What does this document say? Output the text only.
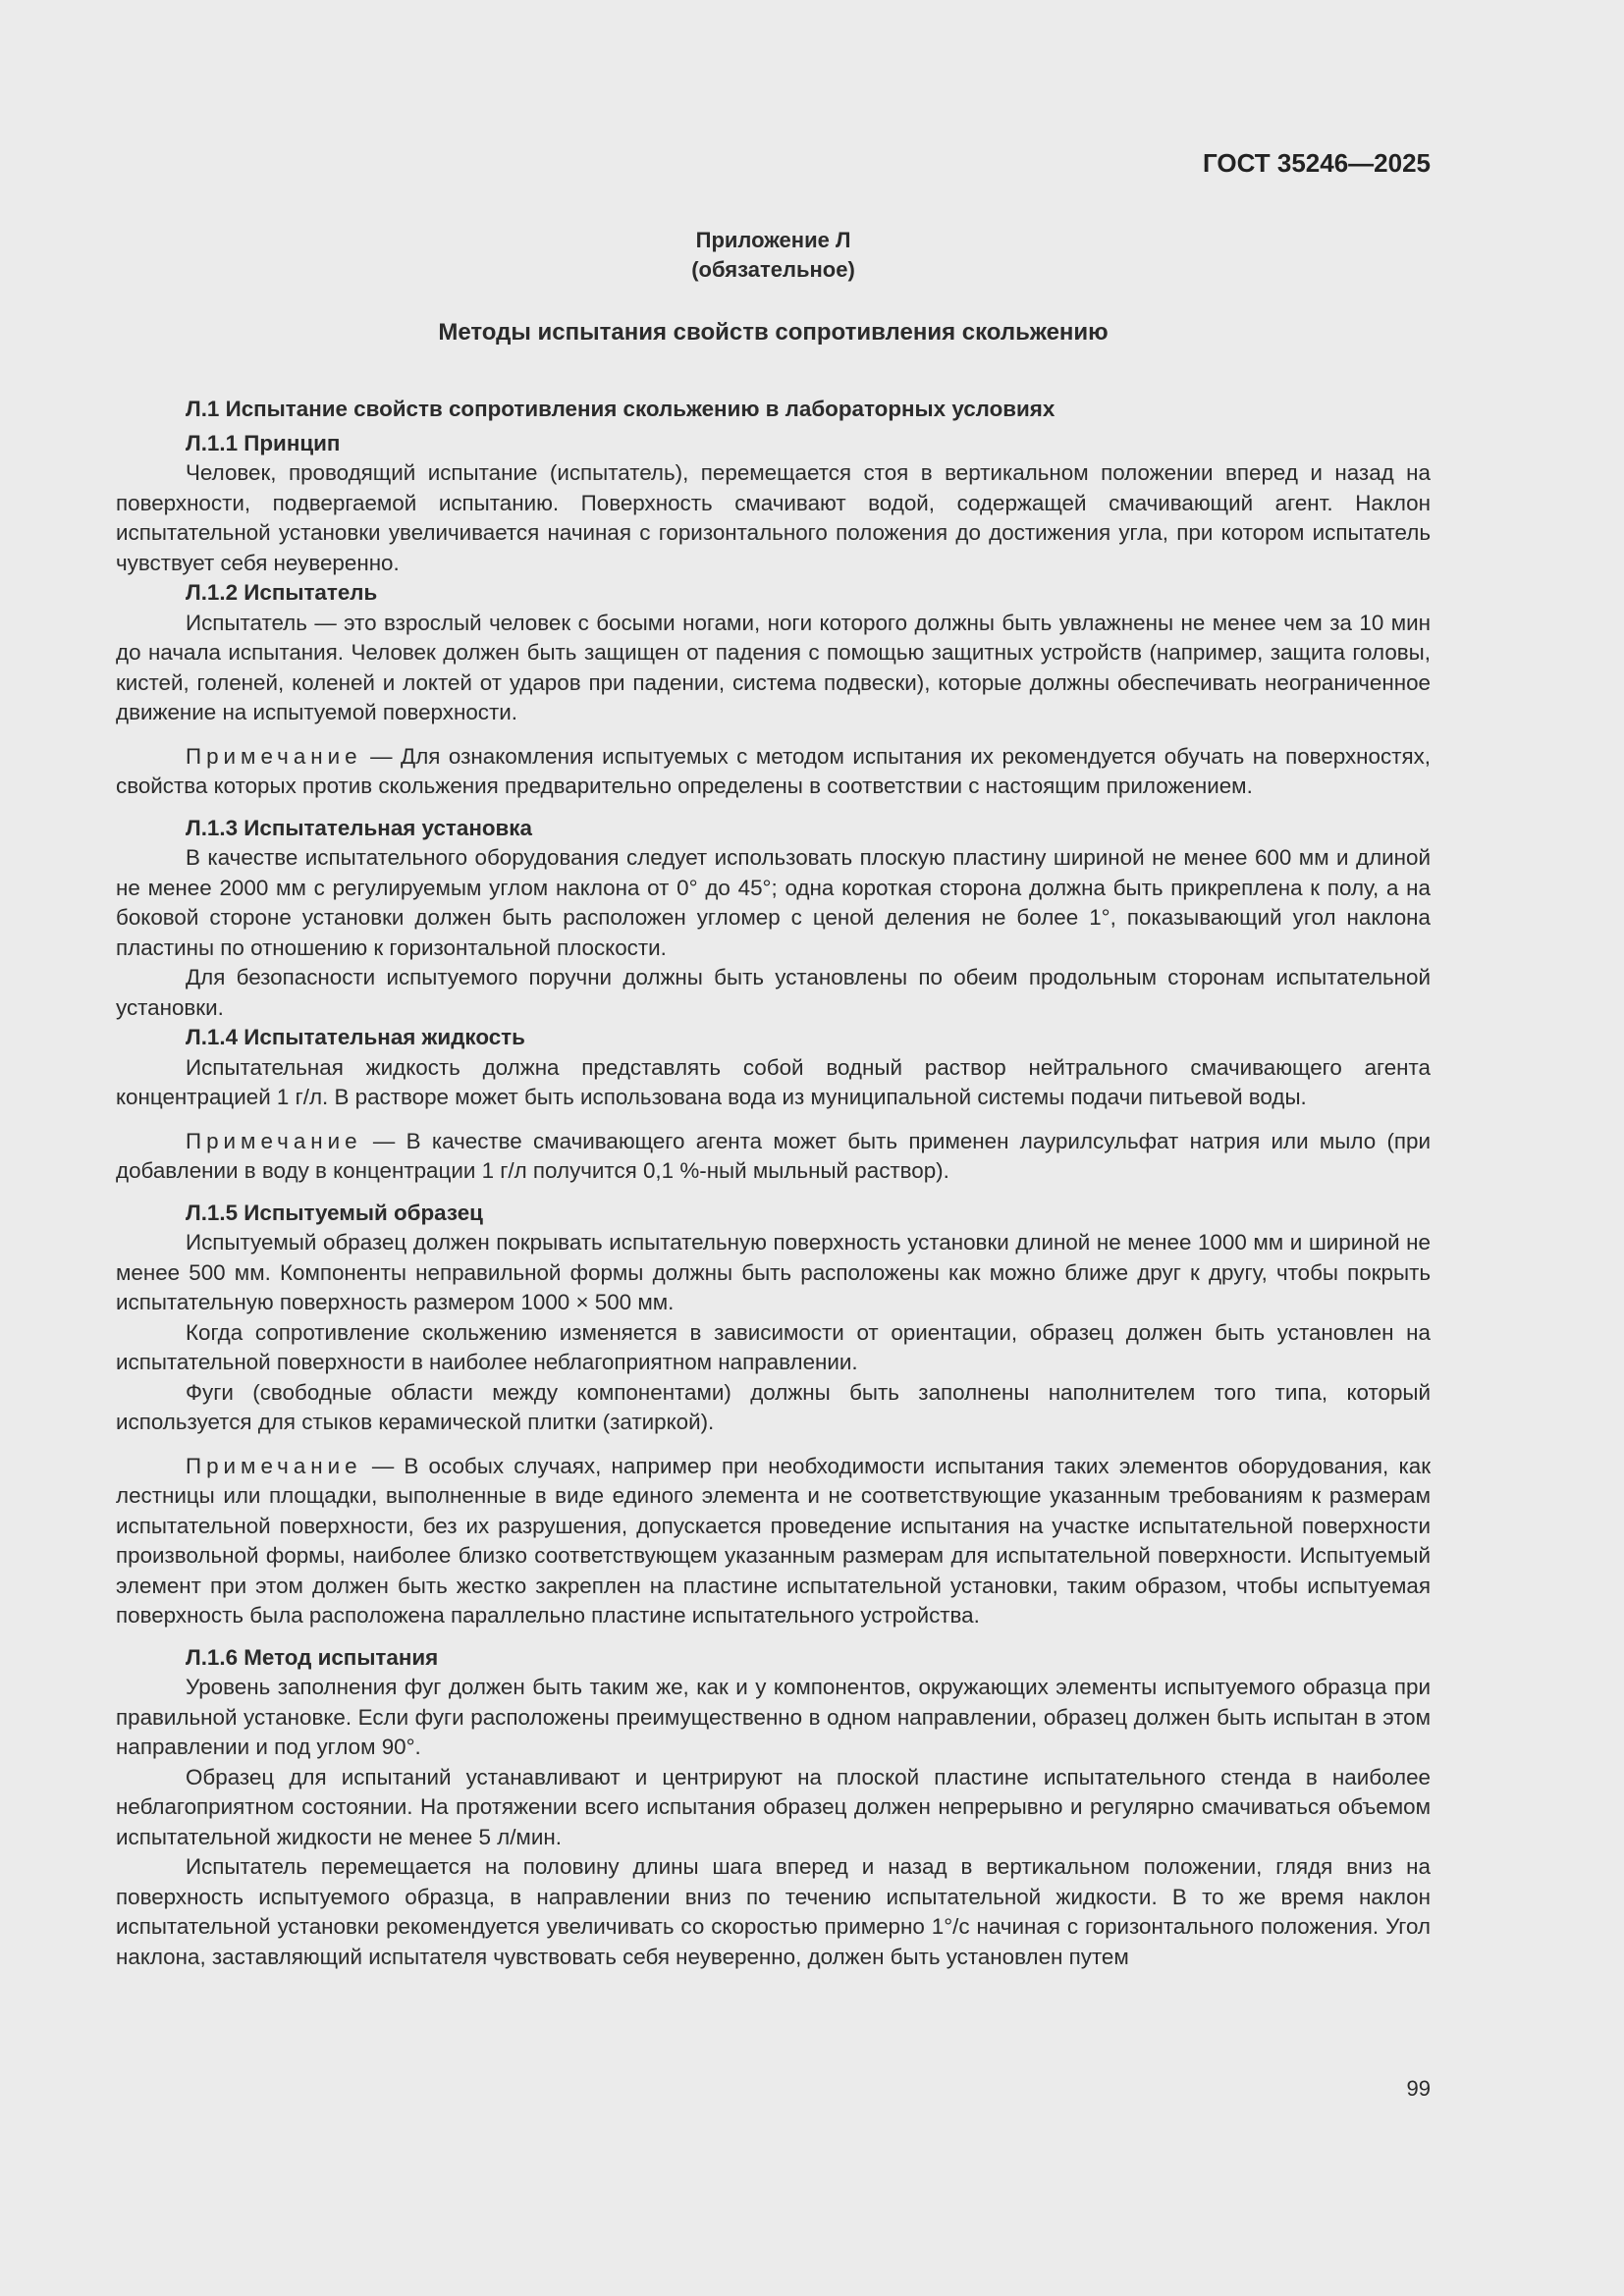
ГОСТ 35246—2025
Приложение Л
(обязательное)
Методы испытания свойств сопротивления скольжению

Л.1 Испытание свойств сопротивления скольжению в лабораторных условиях

Л.1.1 Принцип

Человек, проводящий испытание (испытатель), перемещается стоя в вертикальном положении вперед и назад на поверхности, подвергаемой испытанию. Поверхность смачивают водой, содержащей смачивающий агент. Наклон испытательной установки увеличивается начиная с горизонтального положения до достижения угла, при котором испытатель чувствует себя неуверенно.

Л.1.2 Испытатель

Испытатель — это взрослый человек с босыми ногами, ноги которого должны быть увлажнены не менее чем за 10 мин до начала испытания. Человек должен быть защищен от падения с помощью защитных устройств (например, защита головы, кистей, голеней, коленей и локтей от ударов при падении, система подвески), которые должны обеспечивать неограниченное движение на испытуемой поверхности.

Примечание — Для ознакомления испытуемых с методом испытания их рекомендуется обучать на поверхностях, свойства которых против скольжения предварительно определены в соответствии с настоящим приложением.

Л.1.3 Испытательная установка

В качестве испытательного оборудования следует использовать плоскую пластину шириной не менее 600 мм и длиной не менее 2000 мм с регулируемым углом наклона от 0° до 45°; одна короткая сторона должна быть прикреплена к полу, а на боковой стороне установки должен быть расположен угломер с ценой деления не более 1°, показывающий угол наклона пластины по отношению к горизонтальной плоскости.

Для безопасности испытуемого поручни должны быть установлены по обеим продольным сторонам испытательной установки.

Л.1.4 Испытательная жидкость

Испытательная жидкость должна представлять собой водный раствор нейтрального смачивающего агента концентрацией 1 г/л. В растворе может быть использована вода из муниципальной системы подачи питьевой воды.

Примечание — В качестве смачивающего агента может быть применен лаурилсульфат натрия или мыло (при добавлении в воду в концентрации 1 г/л получится 0,1 %-ный мыльный раствор).

Л.1.5 Испытуемый образец

Испытуемый образец должен покрывать испытательную поверхность установки длиной не менее 1000 мм и шириной не менее 500 мм. Компоненты неправильной формы должны быть расположены как можно ближе друг к другу, чтобы покрыть испытательную поверхность размером 1000 × 500 мм.

Когда сопротивление скольжению изменяется в зависимости от ориентации, образец должен быть установлен на испытательной поверхности в наиболее неблагоприятном направлении.

Фуги (свободные области между компонентами) должны быть заполнены наполнителем того типа, который используется для стыков керамической плитки (затиркой).

Примечание — В особых случаях, например при необходимости испытания таких элементов оборудования, как лестницы или площадки, выполненные в виде единого элемента и не соответствующие указанным требованиям к размерам испытательной поверхности, без их разрушения, допускается проведение испытания на участке испытательной поверхности произвольной формы, наиболее близко соответствующем указанным размерам для испытательной поверхности. Испытуемый элемент при этом должен быть жестко закреплен на пластине испытательной установки, таким образом, чтобы испытуемая поверхность была расположена параллельно пластине испытательного устройства.

Л.1.6 Метод испытания

Уровень заполнения фуг должен быть таким же, как и у компонентов, окружающих элементы испытуемого образца при правильной установке. Если фуги расположены преимущественно в одном направлении, образец должен быть испытан в этом направлении и под углом 90°.

Образец для испытаний устанавливают и центрируют на плоской пластине испытательного стенда в наиболее неблагоприятном состоянии. На протяжении всего испытания образец должен непрерывно и регулярно смачиваться объемом испытательной жидкости не менее 5 л/мин.

Испытатель перемещается на половину длины шага вперед и назад в вертикальном положении, глядя вниз на поверхность испытуемого образца, в направлении вниз по течению испытательной жидкости. В то же время наклон испытательной установки рекомендуется увеличивать со скоростью примерно 1°/с начиная с горизонтального положения. Угол наклона, заставляющий испытателя чувствовать себя неуверенно, должен быть установлен путем

99
